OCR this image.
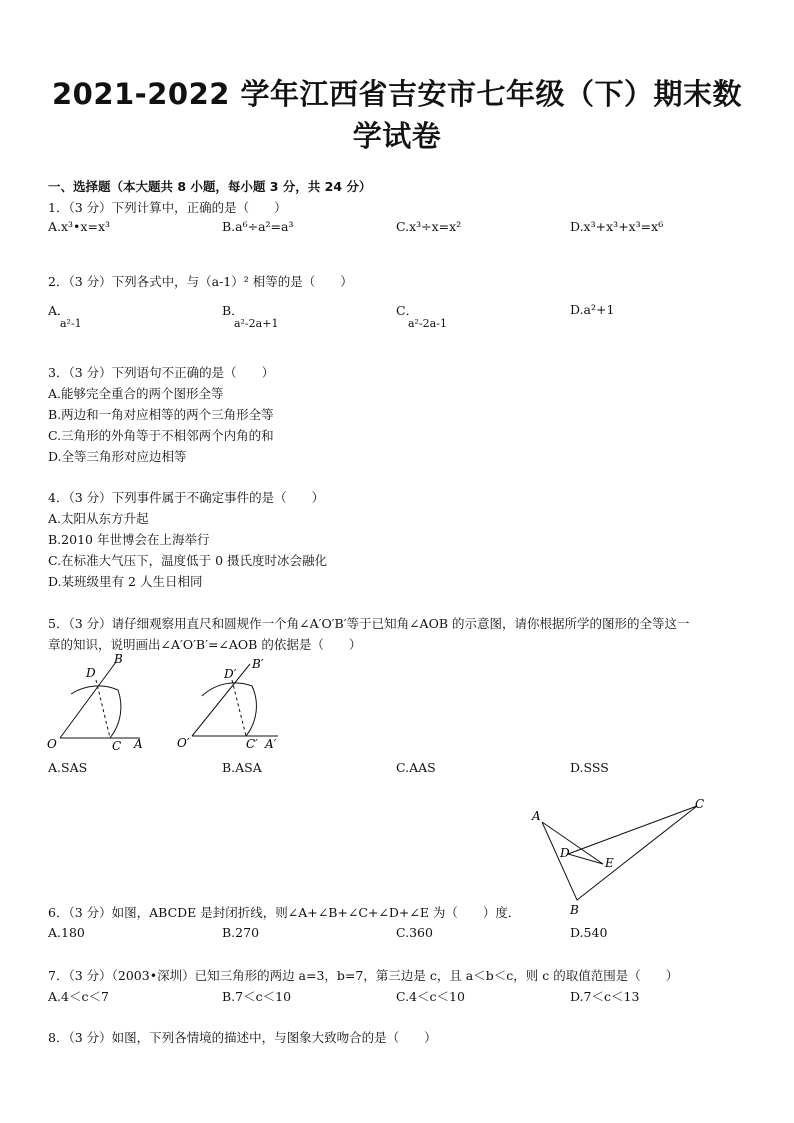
2021-2022 学年江西省吉安市七年级（下）期末数
学试卷
一、选择题（本大题共 8 小题，每小题 3 分，共 24 分）
1．（3 分）下列计算中，正确的是（　　）
A.x³•x=x³	B.a⁶÷a²=a³	C.x³÷x=x²	D.x³+x³+x³=x⁶
2．（3 分）下列各式中，与（a-1）² 相等的是（　　）
A．
a²-1
B．
a²-2a+1
C．
a²-2a-1
D.a²+1
3．（3 分）下列语句不正确的是（　　）
A.能够完全重合的两个图形全等
B.两边和一角对应相等的两个三角形全等
C.三角形的外角等于不相邻两个内角的和
D.全等三角形对应边相等
4．（3 分）下列事件属于不确定事件的是（　　）
A.太阳从东方升起
B.2010 年世博会在上海举行
C.在标准大气压下，温度低于 0 摄氏度时冰会融化
D.某班级里有 2 人生日相同
5．（3 分）请仔细观察用直尺和圆规作一个角∠A′O′B′等于已知角∠AOB 的示意图，请你根据所学的图形的全等这一
章的知识，说明画出∠A′O′B′=∠AOB 的依据是（　　）
O	C A
D
B
O′	C′ A′
D′
B′
A.SAS	B.ASA	C.AAS	D.SSS
A
B
C
D
E
6．（3 分）如图，ABCDE 是封闭折线，则∠A+∠B+∠C+∠D+∠E 为（　　）度．
A.180	B.270	C.360	D.540
7．（3 分）（2003•深圳）已知三角形的两边 a=3，b=7，第三边是 c，且 a＜b＜c，则 c 的取值范围是（　　）
A.4＜c＜7	B.7＜c＜10	C.4＜c＜10	D.7＜c＜13
8．（3 分）如图，下列各情境的描述中，与图象大致吻合的是（　　）
